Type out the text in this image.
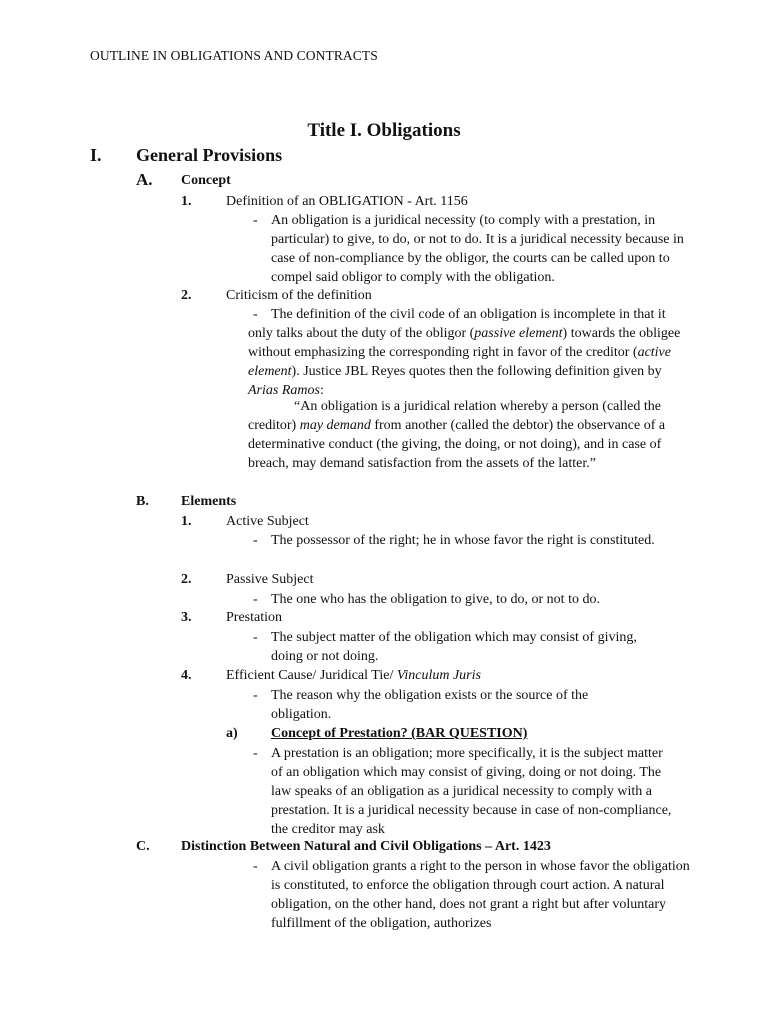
OUTLINE IN OBLIGATIONS AND CONTRACTS
Title I. Obligations
I. General Provisions
A. Concept
1. Definition of an OBLIGATION - Art. 1156
- An obligation is a juridical necessity (to comply with a prestation, in particular) to give, to do, or not to do. It is a juridical necessity because in case of non-compliance by the obligor, the courts can be called upon to compel said obligor to comply with the obligation.
2. Criticism of the definition
- The definition of the civil code of an obligation is incomplete in that it only talks about the duty of the obligor (passive element) towards the obligee without emphasizing the corresponding right in favor of the creditor (active element). Justice JBL Reyes quotes then the following definition given by Arias Ramos:
“An obligation is a juridical relation whereby a person (called the creditor) may demand from another (called the debtor) the observance of a determinative conduct (the giving, the doing, or not doing), and in case of breach, may demand satisfaction from the assets of the latter.”
B. Elements
1. Active Subject
- The possessor of the right; he in whose favor the right is constituted.
2. Passive Subject
- The one who has the obligation to give, to do, or not to do.
3. Prestation
- The subject matter of the obligation which may consist of giving, doing or not doing.
4. Efficient Cause/ Juridical Tie/ Vinculum Juris
- The reason why the obligation exists or the source of the obligation.
a) Concept of Prestation? (BAR QUESTION)
- A prestation is an obligation; more specifically, it is the subject matter of an obligation which may consist of giving, doing or not doing. The law speaks of an obligation as a juridical necessity to comply with a prestation. It is a juridical necessity because in case of non-compliance, the creditor may ask
C. Distinction Between Natural and Civil Obligations – Art. 1423
- A civil obligation grants a right to the person in whose favor the obligation is constituted, to enforce the obligation through court action. A natural obligation, on the other hand, does not grant a right but after voluntary fulfillment of the obligation, authorizes
